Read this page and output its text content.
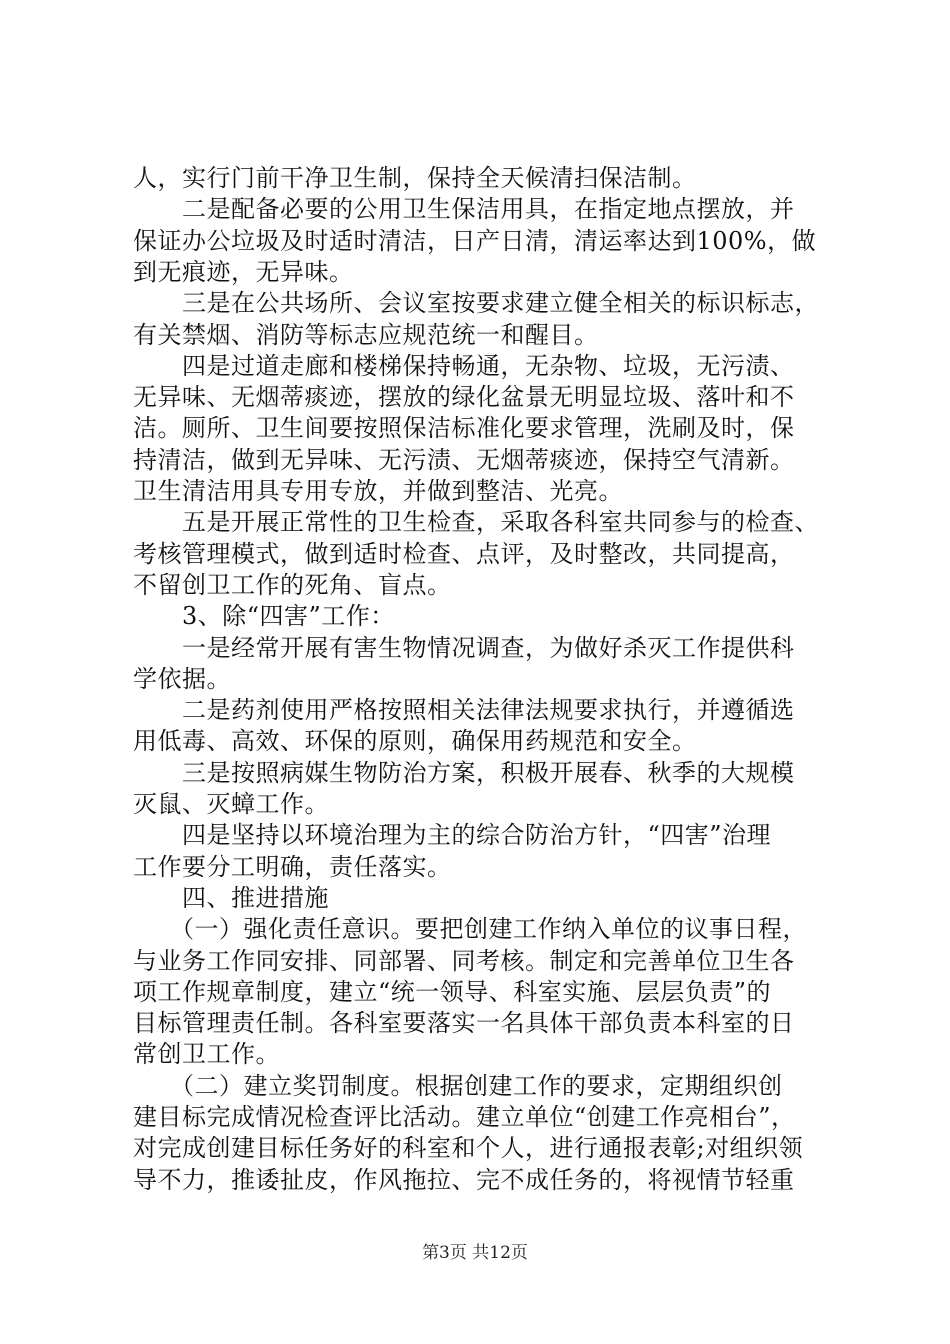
人，实行门前干净卫生制，保持全天候清扫保洁制。
　　二是配备必要的公用卫生保洁用具，在指定地点摆放，并
保证办公垃圾及时适时清洁，日产日清，清运率达到100%，做
到无痕迹，无异味。
　　三是在公共场所、会议室按要求建立健全相关的标识标志，
有关禁烟、消防等标志应规范统一和醒目。
　　四是过道走廊和楼梯保持畅通，无杂物、垃圾，无污渍、
无异味、无烟蒂痰迹，摆放的绿化盆景无明显垃圾、落叶和不
洁。厕所、卫生间要按照保洁标准化要求管理，洗刷及时，保
持清洁，做到无异味、无污渍、无烟蒂痰迹，保持空气清新。
卫生清洁用具专用专放，并做到整洁、光亮。
　　五是开展正常性的卫生检查，采取各科室共同参与的检查、
考核管理模式，做到适时检查、点评，及时整改，共同提高，
不留创卫工作的死角、盲点。
　　3、除“四害”工作：
　　一是经常开展有害生物情况调查，为做好杀灭工作提供科
学依据。
　　二是药剂使用严格按照相关法律法规要求执行，并遵循选
用低毒、高效、环保的原则，确保用药规范和安全。
　　三是按照病媒生物防治方案，积极开展春、秋季的大规模
灭鼠、灭蟑工作。
　　四是坚持以环境治理为主的综合防治方针，“四害”治理
工作要分工明确，责任落实。
　　四、推进措施
　　（一）强化责任意识。要把创建工作纳入单位的议事日程，
与业务工作同安排、同部署、同考核。制定和完善单位卫生各
项工作规章制度，建立“统一领导、科室实施、层层负责”的
目标管理责任制。各科室要落实一名具体干部负责本科室的日
常创卫工作。
　　（二）建立奖罚制度。根据创建工作的要求，定期组织创
建目标完成情况检查评比活动。建立单位“创建工作亮相台”，
对完成创建目标任务好的科室和个人，进行通报表彰;对组织领
导不力，推诿扯皮，作风拖拉、完不成任务的，将视情节轻重
第3页 共12页
